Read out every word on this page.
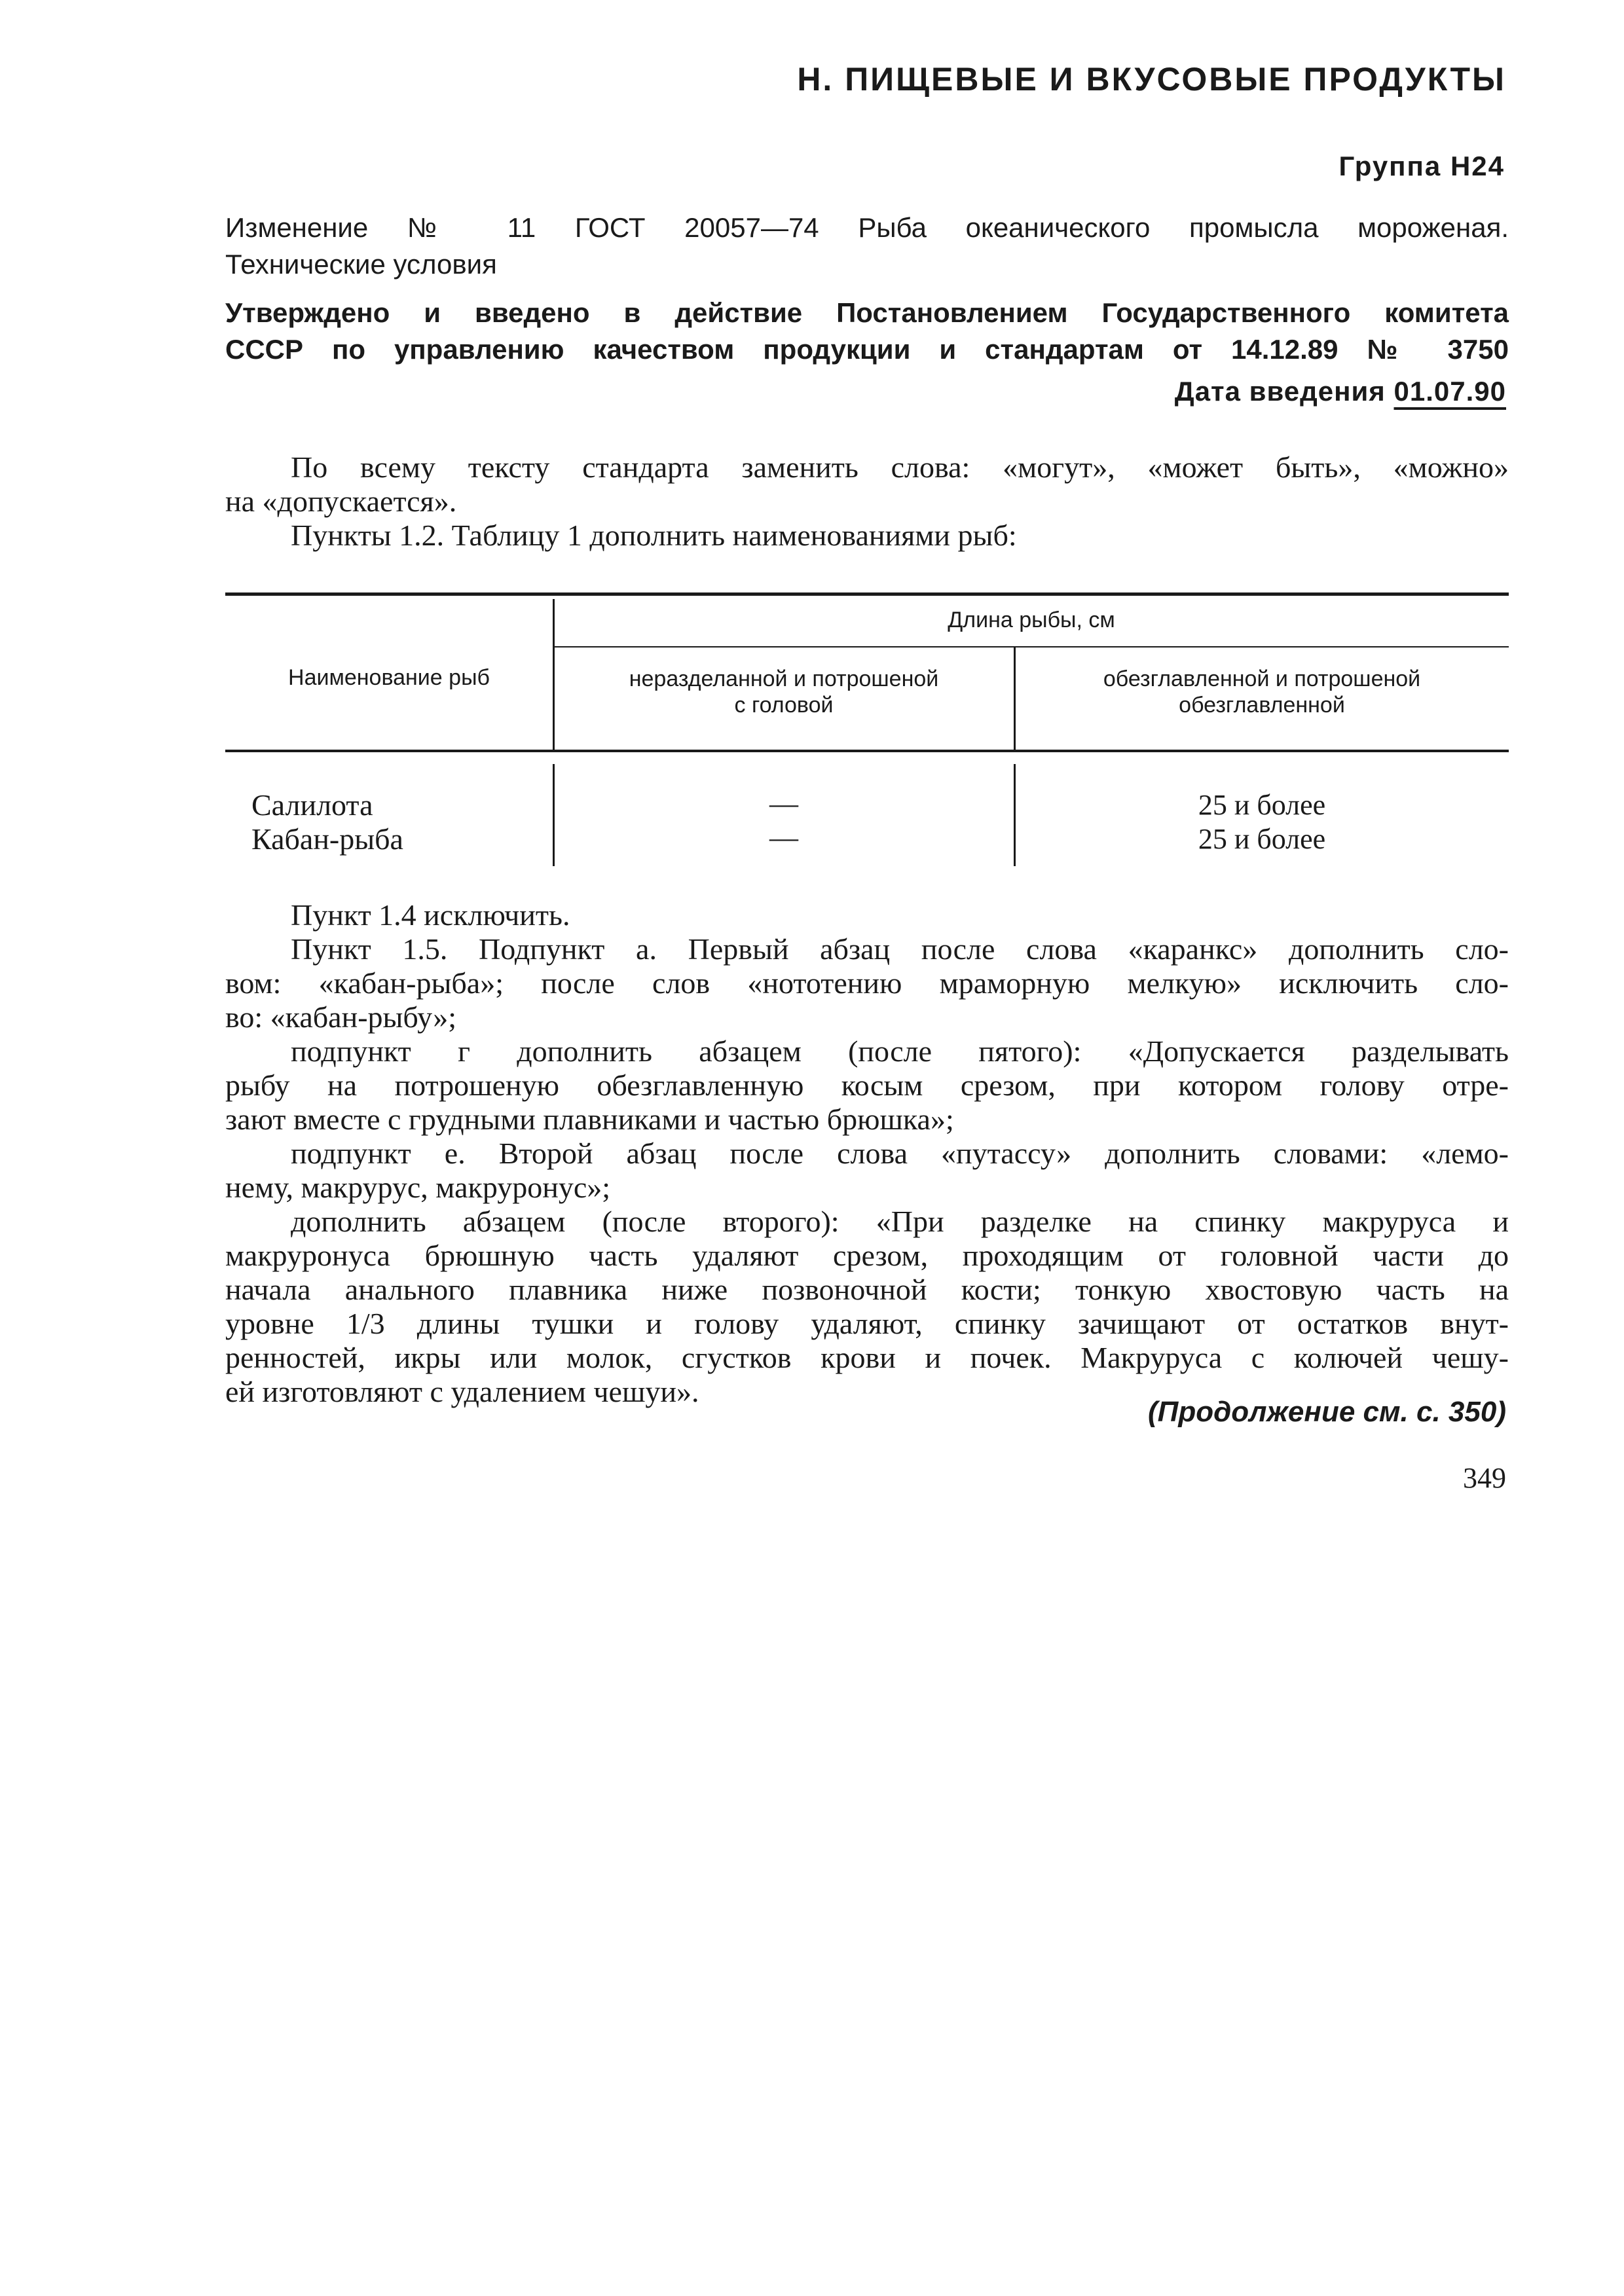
Н. ПИЩЕВЫЕ И ВКУСОВЫЕ ПРОДУКТЫ
Группа Н24
Изменение № 11 ГОСТ 20057—74 Рыба океанического промысла мороженая.
Технические условия
Утверждено и введено в действие Постановлением Государственного комитета
СССР по управлению качеством продукции и стандартам от 14.12.89 № 3750
Дата введения 01.07.90
По всему тексту стандарта заменить слова: «могут», «может быть», «можно»
на «допускается».
Пункты 1.2. Таблицу 1 дополнить наименованиями рыб:
Наименование рыб
Длина рыбы, см
неразделанной и потрошеной
с головой
обезглавленной и потрошеной
обезглавленной
Салилота	—	25 и более
Кабан-рыба	—	25 и более
Пункт 1.4 исключить.
Пункт 1.5. Подпункт а. Первый абзац после слова «каранкс» дополнить сло-
вом: «кабан-рыба»; после слов «нототению мраморную мелкую» исключить сло-
во: «кабан-рыбу»;
подпункт г дополнить абзацем (после пятого): «Допускается разделывать
рыбу на потрошеную обезглавленную косым срезом, при котором голову отре-
зают вместе с грудными плавниками и частью брюшка»;
подпункт е. Второй абзац после слова «путассу» дополнить словами: «лемо-
нему, макрурус, макруронус»;
дополнить абзацем (после второго): «При разделке на спинку макруруса и
макруронуса брюшную часть удаляют срезом, проходящим от головной части до
начала анального плавника ниже позвоночной кости; тонкую хвостовую часть на
уровне 1/3 длины тушки и голову удаляют, спинку зачищают от остатков внут-
ренностей, икры или молок, сгустков крови и почек. Макруруса с колючей чешу-
ей изготовляют с удалением чешуи».
(Продолжение см. с. 350)
349
